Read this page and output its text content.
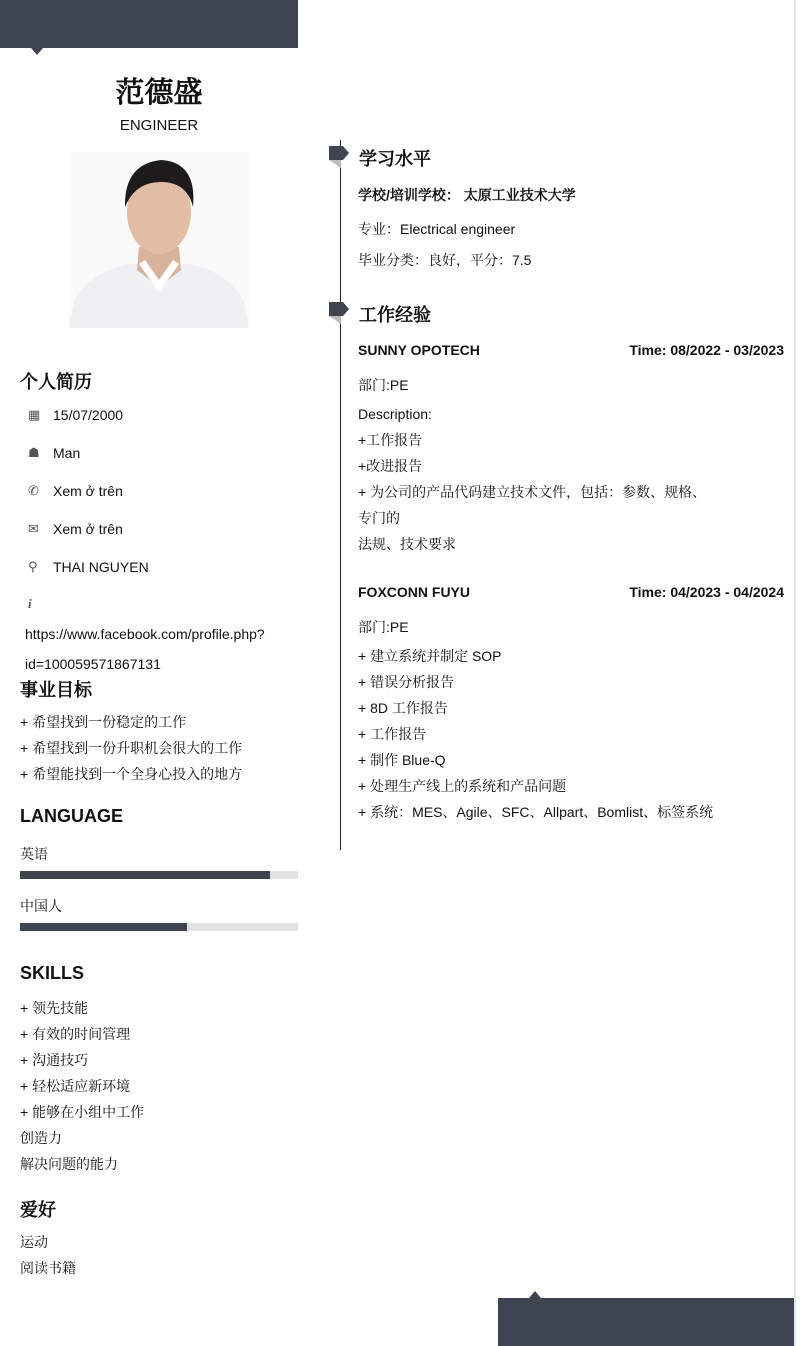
范德盛
ENGINEER
个人简历
▦ 15/07/2000
☗ Man
✆	Xem ở trên
✉	Xem ở trên
⚲	THAI NGUYEN
i
https://www.facebook.com/profile.php?
id=100059571867131
事业目标
+ 希望找到一份稳定的工作
+ 希望找到一份升职机会很大的工作
+ 希望能找到一个全身心投入的地方
LANGUAGE
英语
中国人
SKILLS
+ 领先技能
+ 有效的时间管理
+ 沟通技巧
+ 轻松适应新环境
+ 能够在小组中工作
创造力
解决问题的能力
爱好
运动
阅读书籍
学习水平
学校/培训学校： 太原工业技术大学
专业：Electrical engineer
毕业分类：良好，平分：7.5
工作经验
SUNNY OPOTECH	Time: 08/2022 - 03/2023
部门:PE
Description:
+工作报告
+改进报告
+ 为公司的产品代码建立技术文件，包括：参数、规格、
专门的
法规、技术要求
FOXCONN FUYU	Time: 04/2023 - 04/2024
部门:PE
+ 建立系统并制定 SOP
+ 错误分析报告
+ 8D 工作报告
+ 工作报告
+ 制作 Blue-Q
+ 处理生产线上的系统和产品问题
+ 系统：MES、Agile、SFC、Allpart、Bomlist、标签系统
